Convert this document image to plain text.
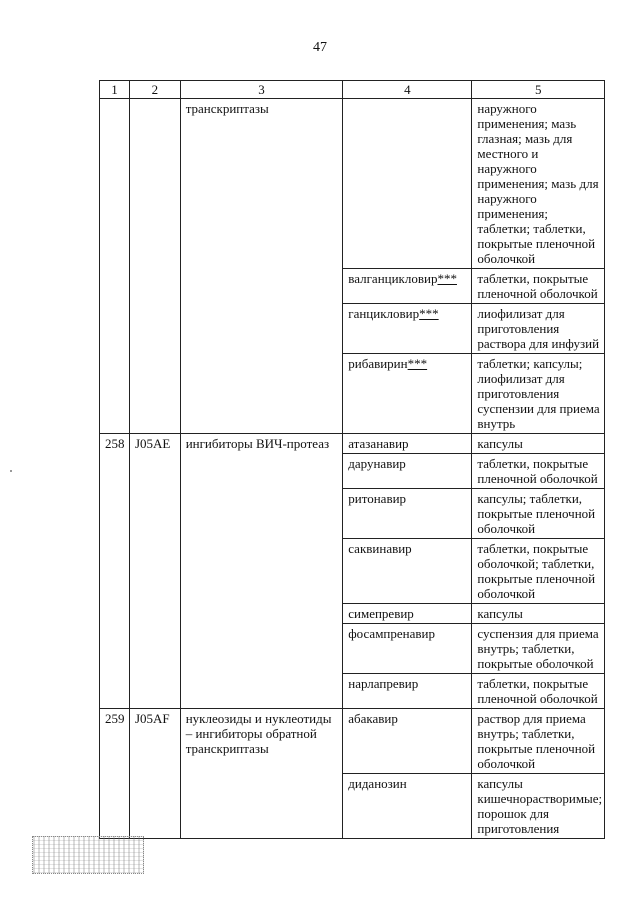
47
1	2	3	4	5
		транскриптазы		наружного применения; мазь глазная; мазь для местного и наружного применения; мазь для наружного применения; таблетки; таблетки, покрытые пленочной оболочкой
			валганцикловир***	таблетки, покрытые пленочной оболочкой
			ганцикловир***	лиофилизат для приготовления раствора для инфузий
			рибавирин***	таблетки; капсулы; лиофилизат для приготовления суспензии для приема внутрь
258	J05AE	ингибиторы ВИЧ-протеаз	атазанавир	капсулы
			дарунавир	таблетки, покрытые пленочной оболочкой
			ритонавир	капсулы; таблетки, покрытые пленочной оболочкой
			саквинавир	таблетки, покрытые оболочкой; таблетки, покрытые пленочной оболочкой
			симепревир	капсулы
			фосампренавир	суспензия для приема внутрь; таблетки, покрытые оболочкой
			нарлапревир	таблетки, покрытые пленочной оболочкой
259	J05AF	нуклеозиды и нуклеотиды – ингибиторы обратной транскриптазы	абакавир	раствор для приема внутрь; таблетки, покрытые пленочной оболочкой
			диданозин	капсулы кишечнорастворимые; порошок для приготовления
